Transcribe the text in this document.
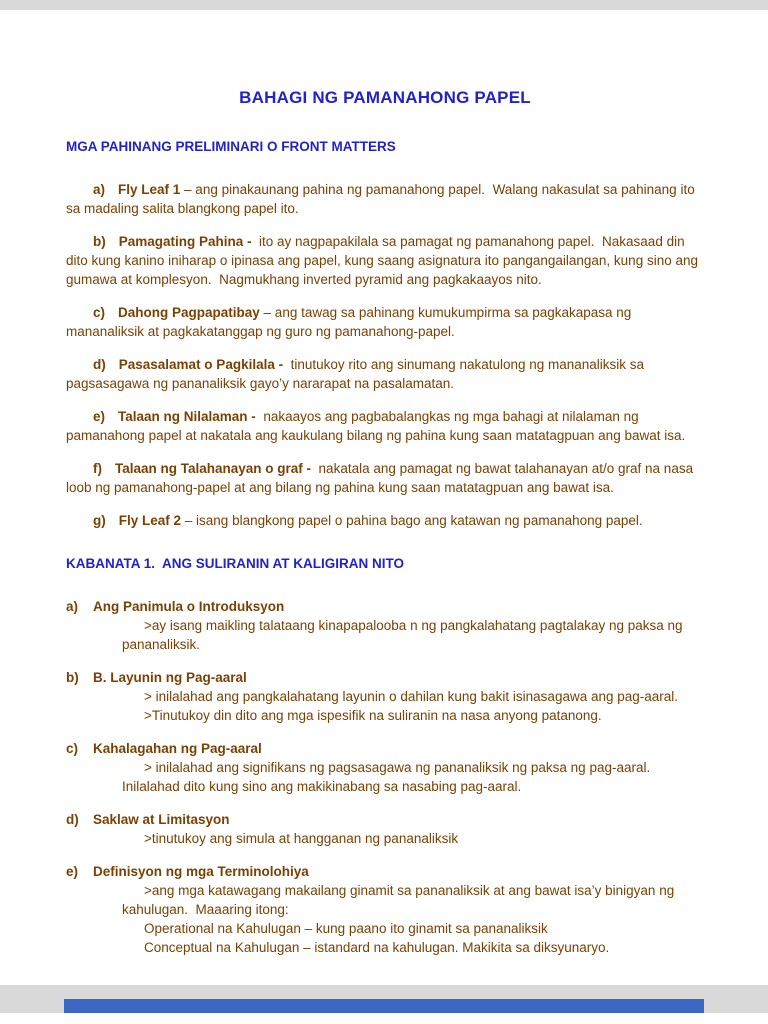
BAHAGI NG PAMANAHONG PAPEL
MGA PAHINANG PRELIMINARI O FRONT MATTERS

a) Fly Leaf 1 – ang pinakaunang pahina ng pamanahong papel.  Walang nakasulat sa pahinang ito sa madaling salita blangkong papel ito.

b) Pamagating Pahina -  ito ay nagpapakilala sa pamagat ng pamanahong papel.  Nakasaad din dito kung kanino iniharap o ipinasa ang papel, kung saang asignatura ito pangangailangan, kung sino ang gumawa at komplesyon.  Nagmukhang inverted pyramid ang pagkakaayos nito.

c) Dahong Pagpapatibay – ang tawag sa pahinang kumukumpirma sa pagkakapasa ng mananaliksik at pagkakatanggap ng guro ng pamanahong-papel.

d) Pasasalamat o Pagkilala -  tinutukoy rito ang sinumang nakatulong ng mananaliksik sa pagsasagawa ng pananaliksik gayo’y nararapat na pasalamatan.

e) Talaan ng Nilalaman -  nakaayos ang pagbabalangkas ng mga bahagi at nilalaman ng pamanahong papel at nakatala ang kaukulang bilang ng pahina kung saan matatagpuan ang bawat isa.

f) Talaan ng Talahanayan o graf -  nakatala ang pamagat ng bawat talahanayan at/o graf na nasa loob ng pamanahong-papel at ang bilang ng pahina kung saan matatagpuan ang bawat isa.

g) Fly Leaf 2 – isang blangkong papel o pahina bago ang katawan ng pamanahong papel.

KABANATA 1.  ANG SULIRANIN AT KALIGIRAN NITO
a) Ang Panimula o Introduksyon

>ay isang maikling talataang kinapapalooba n ng pangkalahatang pagtalakay ng paksa ng pananaliksik.

b) B. Layunin ng Pag-aaral

> inilalahad ang pangkalahatang layunin o dahilan kung bakit isinasagawa ang pag-aaral.

>Tinutukoy din dito ang mga ispesifik na suliranin na nasa anyong patanong.

c) Kahalagahan ng Pag-aaral

> inilalahad ang signifikans ng pagsasagawa ng pananaliksik ng paksa ng pag-aaral. Inilalahad dito kung sino ang makikinabang sa nasabing pag-aaral.

d) Saklaw at Limitasyon

>tinutukoy ang simula at hangganan ng pananaliksik

e) Definisyon ng mga Terminolohiya

>ang mga katawagang makailang ginamit sa pananaliksik at ang bawat isa’y binigyan ng kahulugan.  Maaaring itong:

Operational na Kahulugan – kung paano ito ginamit sa pananaliksik

Conceptual na Kahulugan – istandard na kahulugan. Makikita sa diksyunaryo.
